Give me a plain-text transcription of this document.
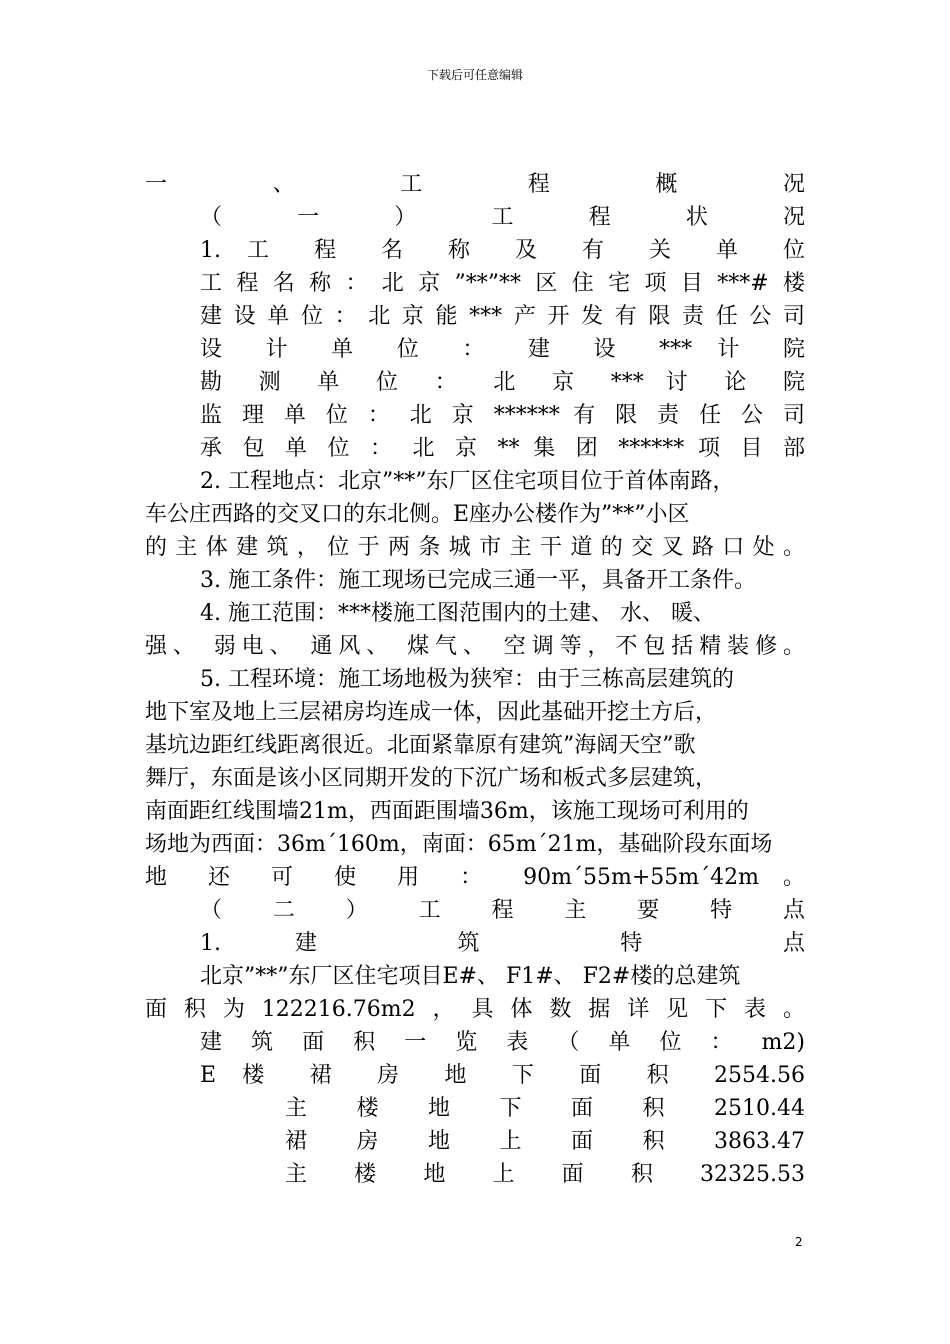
下载后可任意编辑
一 、 工 程 概 况
（ 一 ） 工 程 状 况
1. 工 程 名 称 及 有 关 单 位
工程名称：北京”**”**区住宅项目***#楼
建设单位：北京能***产开发有限责任公司
设 计 单 位 ： 建 设 *** 计 院
勘 测 单 位 ： 北 京 *** 讨 论 院
监 理 单 位 ： 北 京 ****** 有 限 责 任 公 司
承 包 单 位 ： 北 京 ** 集 团 ****** 项 目 部
2. 工程地点：北京”**”东厂区住宅项目位于首体南路，
车公庄西路的交叉口的东北侧。E座办公楼作为”**”小区
的主体建筑，位于两条城市主干道的交叉路口处。
3. 施工条件：施工现场已完成三通一平，具备开工条件。
4. 施工范围：***楼施工图范围内的土建、 水、 暖、
强、 弱电、 通风、 煤气、 空调等，不包括精装修。
5. 工程环境：施工场地极为狭窄：由于三栋高层建筑的
地下室及地上三层裙房均连成一体，因此基础开挖土方后，
基坑边距红线距离很近。北面紧靠原有建筑”海阔天空”歌
舞厅，东面是该小区同期开发的下沉广场和板式多层建筑，
南面距红线围墙21m，西面距围墙36m，该施工现场可利用的
场地为西面：36m´160m，南面：65m´21m，基础阶段东面场
地 还 可 使 用 ： 90m´55m+55m´42m 。
（ 二 ） 工 程 主 要 特 点
1. 建 筑 特 点
北京”**”东厂区住宅项目E#、 F1#、 F2#楼的总建筑
面积为122216.76m2，具体数据详见下表。
建 筑 面 积 一 览 表 （ 单 位 ： m2)
E 楼 裙 房 地 下 面 积 2554.56
主 楼 地 下 面 积 2510.44
裙 房 地 上 面 积 3863.47
主 楼 地 上 面 积 32325.53
2
